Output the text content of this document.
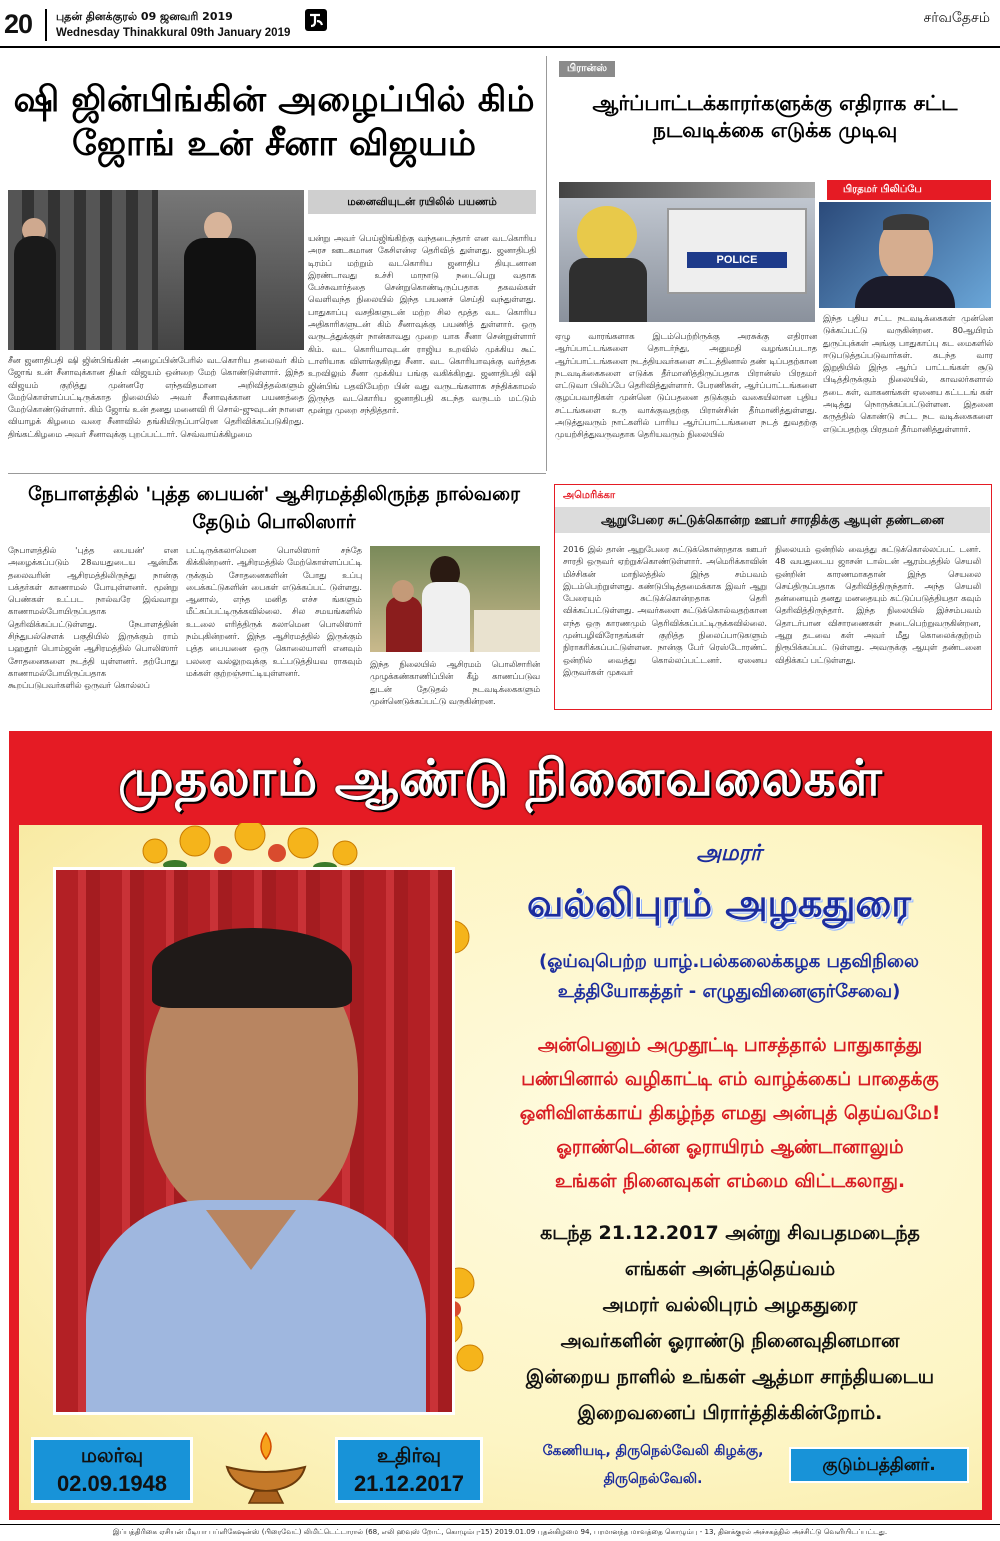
20 புதன் தினக்குரல் 09 ஜனவரி 2019
Wednesday Thinakkural 09th January 2019
சர்வதேசம்
ஷி ஜின்பிங்கின் அழைப்பில் கிம் ஜோங் உன் சீனா விஜயம்
மனைவியுடன் ரயிலில் பயணம்
சீன ஜனாதிபதி ஷி ஜின்பிங்கின் அழைப்பின்பேரில் வடகொரிய தலைவர் கிம் ஜோங் உன் சீனாவுக்கான திடீர் விஜயம் ஒன்றை மேற் கொண்டுள்ளார். இந்த விஜயம் குறித்து முன்னரே எந்தவிதமான அறிவித்தல்களும் மேற்கொள்ளப்பட்டிருக்காத நிலையில் அவர் சீனாவுக்கான பயணத்தை மேற்கொண்டுள்ளார். கிம் ஜோங் உன் தனது மனைவி ரி சொல்-ஜுவுடன் நாளை வியாழக் கிழமை வரை சீனாவில் தங்கியிருப்பாரென தெரிவிக்கப்படுகிறது. திங்கட்கிழமை அவர் சீனாவுக்கு புறப்பட்டார். செவ்வாய்க்கிழமை
யன்று அவர் பெய்ஜிங்கிற்கு வந்தடைந்தார் என வடகொரிய அரச ஊடகமான கேசிஎன்ஏ தெரிவித் துள்ளது. ஜனாதிபதி டிரம்ப் மற்றும் வடகொரிய ஜனாதிப தியுடனான இரண்டாவது உச்சி மாநாடு நடைபெறு வதாக பேச்சுவார்த்தை சென்றுகொண்டிருப்பதாக தகவல்கள் வெளிவந்த நிலையில் இந்த பயணச் செய்தி வந்துள்ளது. பாதுகாப்பு வசதிகளுடன் மற்ற சில மூத்த வட கொரிய அதிகாரிகளுடன் கிம் சீனாவுக்கு பயணித் துள்ளார். ஒரு வருடத்துக்குள் நான்காவது முறை யாக சீனா சென்றுள்ளார் கிம். வட கொரியாவுடன் ராஜிய உறவில் முக்கிய கூட் டாளியாக விளங்குகிறது சீனா. வட கொரியாவுக்கு வர்த்தக உறவிலும் சீனா முக்கிய பங்கு வகிக்கிறது. ஜனாதிபதி ஷி ஜின்பிங் பதவியேற்ற பின் வது வருடங்களாக சந்திக்காமல் இருந்த வடகொரிய ஜனாதிபதி கடந்த வருடம் மட்டும் மூன்று முறை சந்தித்தார்.
பிரான்ஸ்
ஆர்ப்பாட்டக்காரர்களுக்கு எதிராக சட்ட நடவடிக்கை எடுக்க முடிவு
POLICE
பிரதமர் பிலிப்பே
ஏழு வாரங்களாக இடம்பெற்றிருக்கு அரசுக்கு எதிரான ஆர்ப்பாட்டங்களை தொடர்ந்து, அனுமதி வழங்கப்படாத ஆர்ப்பாட்டங்களை நடத்தியவர்களை சட்டத்தினால் தண் டிப்பதற்கான நடவடிக்கைகளை எடுக்க தீர்மானித்திருப்பதாக பிரான்ஸ் பிரதமர் எட்டுவா பிலிப்பே தெரிவித்துள்ளார். பேரணிகள், ஆர்ப்பாட்டங்களை குழப்பவாதிகள் முன்னெ டுப்பதனை தடுக்கும் வகையிலான புதிய சட்டங்களை உரு வாக்குவதற்கு பிரான்சின் தீர்மானித்துள்ளது. அடுத்துவரும் நாட்களில் பாரிய ஆர்ப்பாட்டங்களை நடத் துவதற்கு முயற்சித்துவருவதாக தெரியவரும் நிலையில்
இந்த புதிய சட்ட நடவடிக்கைகள் முன்னெ டுக்கப்பட்டு வருகின்றன. 80ஆயிரம் துருப்புக்கள் அங்கு பாதுகாப்பு கட மைகளில் ஈடுபடுத்தப்படுவார்கள். கடந்த வார இறுதியில் இந்த ஆர்ப் பாட்டங்கள் சூடு பிடித்திருக்கும் நிலையில், காவலர்களால் தடை கள், வாகனங்கள் ஏனைய கட்டடங் கள் அடித்து நொருக்கப்பட்டுள்ளன. இதனை கருத்தில் கொண்டு சட்ட நட வடிக்கைகளை எடுப்பதற்கு பிரதமர் தீர்மானித்துள்ளார்.
நேபாளத்தில் 'புத்த பையன்' ஆசிரமத்திலிருந்த நால்வரை தேடும் பொலிஸார்
நேபாளத்தில் 'புத்த பையன்' என அழைக்கப்படும் 28வயதுடைய ஆன்மீக தலைவரின் ஆசிரமத்திலிருந்து நான்கு பக்தர்கள் காணாமல் போயுள்ளனர். மூன்று பெண்கள் உட்பட நால்வரே இவ்வாறு காணாமல்போயிருப்பதாக தெரிவிக்கப்பட்டுள்ளது. நேபாளத்தின் சிந்துபல்செளக் பகுதியில் இருக்கும் ராம் பஹதூர் பொம்ஜன் ஆசிரமத்தில் பொலிஸார் சோதனைகளை நடத்தி யுள்ளனர். தற்போது காணாமல்போயிருப்பதாக கூறப்படுபவர்களில் ஒருவர் கொல்லப்
பட்டிருக்கலாமென பொலிஸார் சந்தே கிக்கின்றனர். ஆசிரமத்தில் மேற்கொள்ளப்பட்டி ருக்கும் சோதனைகளின் போது உப்பு பைக்கட்டுகளின் பைகள் எடுக்கப்பட் டுள்ளது. ஆனால், எந்த மனித எச்ச ங்களும் மீட்கப்பட்டிருக்கவில்லை. சில சமயங்களில் உடலை எரித்திருக் கலாமென பொலிஸார் நம்புகின்றனர். இந்த ஆசிரமத்தில் இருக்கும் புத்த பையனை ஒரு கொலையாளி எனவும் பலரை வல்லுறவுக்கு உட்படுத்தியவ ராகவும் மக்கள் குற்றஞ்சாட்டியுள்ளனர்.
இந்த நிலையில் ஆசிரமம் பொலிசாரின் முழுக்கண்காணிப்பின் கீழ் காணப்படுவ துடன் தேடுதல் நடவடிக்கைகளும் முன்னெடுக்கப்பட்டு வருகின்றன.
அமெரிக்கா
ஆறுபேரை சுட்டுக்கொன்ற ஊபர் சாரதிக்கு ஆயுள் தண்டனை
2016 இல் தான் ஆறுபேரை சுட்டுக்கொன்றதாக ஊபர் சாரதி ஒருவர் ஏற்றுக்கொண்டுள்ளார். அமெரிக்காவின் மிச்சிகன் மாநிலத்தில் இந்த சம்பவம் இடம்பெற்றுள்ளது. கண்டுபிடித்தமைக்காக இவர் ஆறு பேரையும் சுட்டுக்கொன்றதாக தெரி விக்கப்பட்டுள்ளது. அவர்களை சுட்டுக்கொல்வதற்கான எந்த ஒரு காரணமும் தெரிவிக்கப்பட்டிருக்கவில்லை. முன்பழிவிரோதங்கள் குறித்த நிலைப்பாடுகளும் நிராகரிக்கப்பட்டுள்ளன. நான்கு பேர் ரெஸ்டோரண்ட் ஒன்றில் வைத்து கொல்லப்பட்டனர். ஏனைய இருவர்கள் முகவர்
நிலையம் ஒன்றில் வைத்து சுட்டுக்கொல்லப்பட் டனர். 48 வயதுடைய ஜாசன் டால்டன் ஆரம்பத்தில் செயலி ஒன்றின் காரணமாகதான் இந்த செயலை செய்திருப்பதாக தெரிவித்திருந்தார். அந்த செயலி தன்னையும் தனது மனதையும் கட்டுப்படுத்தியதா கவும் தெரிவித்திருந்தார். இந்த நிலையில் இச்சம்பவம் தொடர்பான விசாரணைகள் நடைபெற்றுவருகின்றன, ஆறு தடவை கள் அவர் மீது கொலைக்குற்றம் நிரூபிக்கப்பட் டுள்ளது. அவருக்கு ஆயுள் தண்டனை விதிக்கப் பட்டுள்ளது.
முதலாம் ஆண்டு நினைவலைகள்
அமரர்
வல்லிபுரம் அழகதுரை
(ஓய்வுபெற்ற யாழ்.பல்கலைக்கழக பதவிநிலை
உத்தியோகத்தர் - எழுதுவினைஞர்சேவை)
அன்பெனும் அமுதூட்டி பாசத்தால் பாதுகாத்து
பண்பினால் வழிகாட்டி எம் வாழ்க்கைப் பாதைக்கு
ஒளிவிளக்காய் திகழ்ந்த எமது அன்புத் தெய்வமே!
ஓராண்டென்ன ஓராயிரம் ஆண்டானாலும்
உங்கள் நினைவுகள் எம்மை விட்டகலாது.
கடந்த 21.12.2017 அன்று சிவபதமடைந்த
எங்கள் அன்புத்தெய்வம்
அமரர் வல்லிபுரம் அழகதுரை
அவர்களின் ஓராண்டு நினைவுதினமான
இன்றைய நாளில் உங்கள் ஆத்மா சாந்தியடைய
இறைவனைப் பிரார்த்திக்கின்றோம்.
மலர்வு
02.09.1948
உதிர்வு
21.12.2017
கேணியடி, திருநெல்வேலி கிழக்கு,
திருநெல்வேலி.
குடும்பத்தினர்.
இப்பத்திரிகை ஏசியன் மீடியா பப்ளிகேஷன்ஸ் (பிரைவேட்) லிமிட்டெட்டாரால் (68, எலி ஹவுஸ் றோட், கொழும்பு-15) 2019.01.09 புதன்கிழமை 94, பரமானந்த மாவத்தை கொழும்பு - 13, தினக்குரல் அச்சகத்தில் அச்சிட்டு வெளியிடப்பட்டது.
